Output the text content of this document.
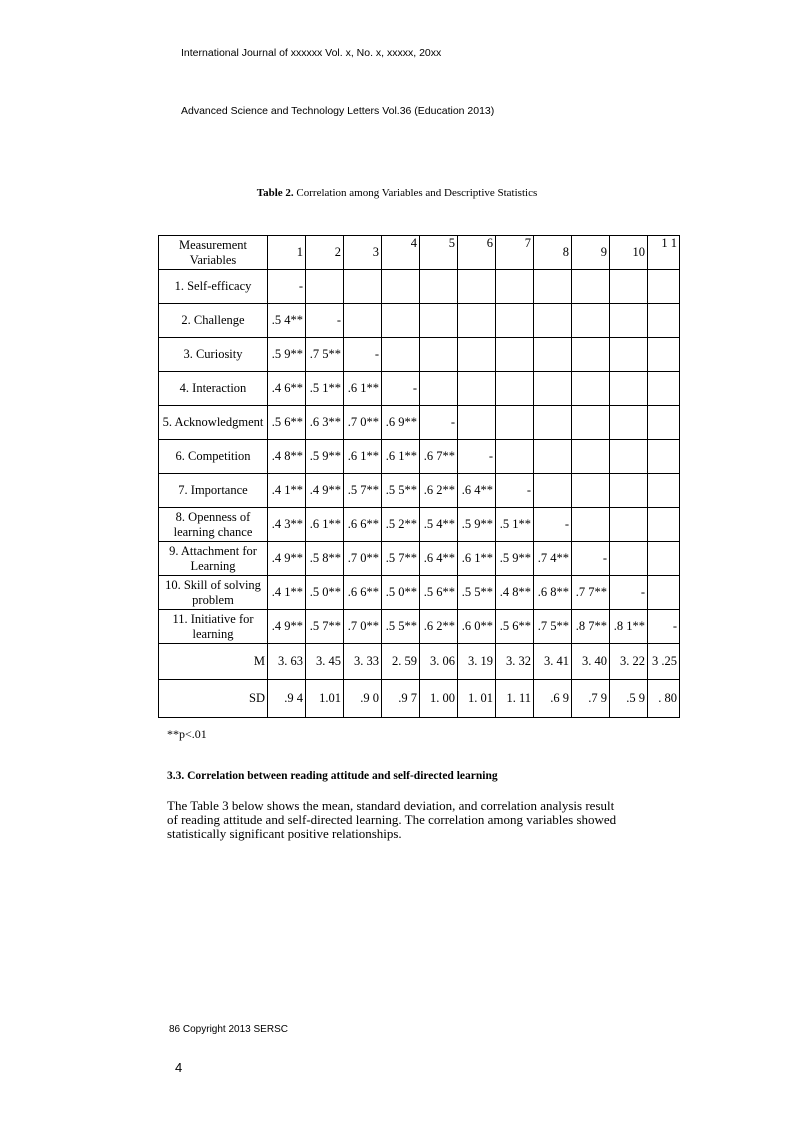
International Journal of xxxxxx Vol. x, No. x, xxxxx, 20xx
Advanced Science and Technology Letters Vol.36 (Education 2013)
Table 2. Correlation among Variables and Descriptive Statistics
Measurement Variables	1	2	3	4	5	6	7	8	9	10	1 1
1. Self-efficacy	-										
2. Challenge	.5 4**	-									
3. Curiosity	.5 9**	.7 5**	-								
4. Interaction	.4 6**	.5 1**	.6 1**	-							
5. Acknowledgment	.5 6**	.6 3**	.7 0**	.6 9**	-						
6. Competition	.4 8**	.5 9**	.6 1**	.6 1**	.6 7**	-					
7. Importance	.4 1**	.4 9**	.5 7**	.5 5**	.6 2**	.6 4**	-				
8. Openness of learning chance	.4 3**	.6 1**	.6 6**	.5 2**	.5 4**	.5 9**	.5 1**	-			
9. Attachment for Learning	.4 9**	.5 8**	.7 0**	.5 7**	.6 4**	.6 1**	.5 9**	.7 4**	-		
10. Skill of solving problem	.4 1**	.5 0**	.6 6**	.5 0**	.5 6**	.5 5**	.4 8**	.6 8**	.7 7**	-	
11. Initiative for learning	.4 9**	.5 7**	.7 0**	.5 5**	.6 2**	.6 0**	.5 6**	.7 5**	.8 7**	.8 1**	-
M	3. 63	3. 45	3. 33	2. 59	3. 06	3. 19	3. 32	3. 41	3. 40	3. 22	3 .25
SD	.9 4	1.01	.9 0	.9 7	1. 00	1. 01	1. 11	.6 9	.7 9	.5 9	. 80
**p<.01
3.3. Correlation between reading attitude and self-directed learning
The Table 3 below shows the mean, standard deviation, and correlation analysis result of reading attitude and self-directed learning. The correlation among variables showed statistically significant positive relationships.
86 Copyright 2013 SERSC
4
